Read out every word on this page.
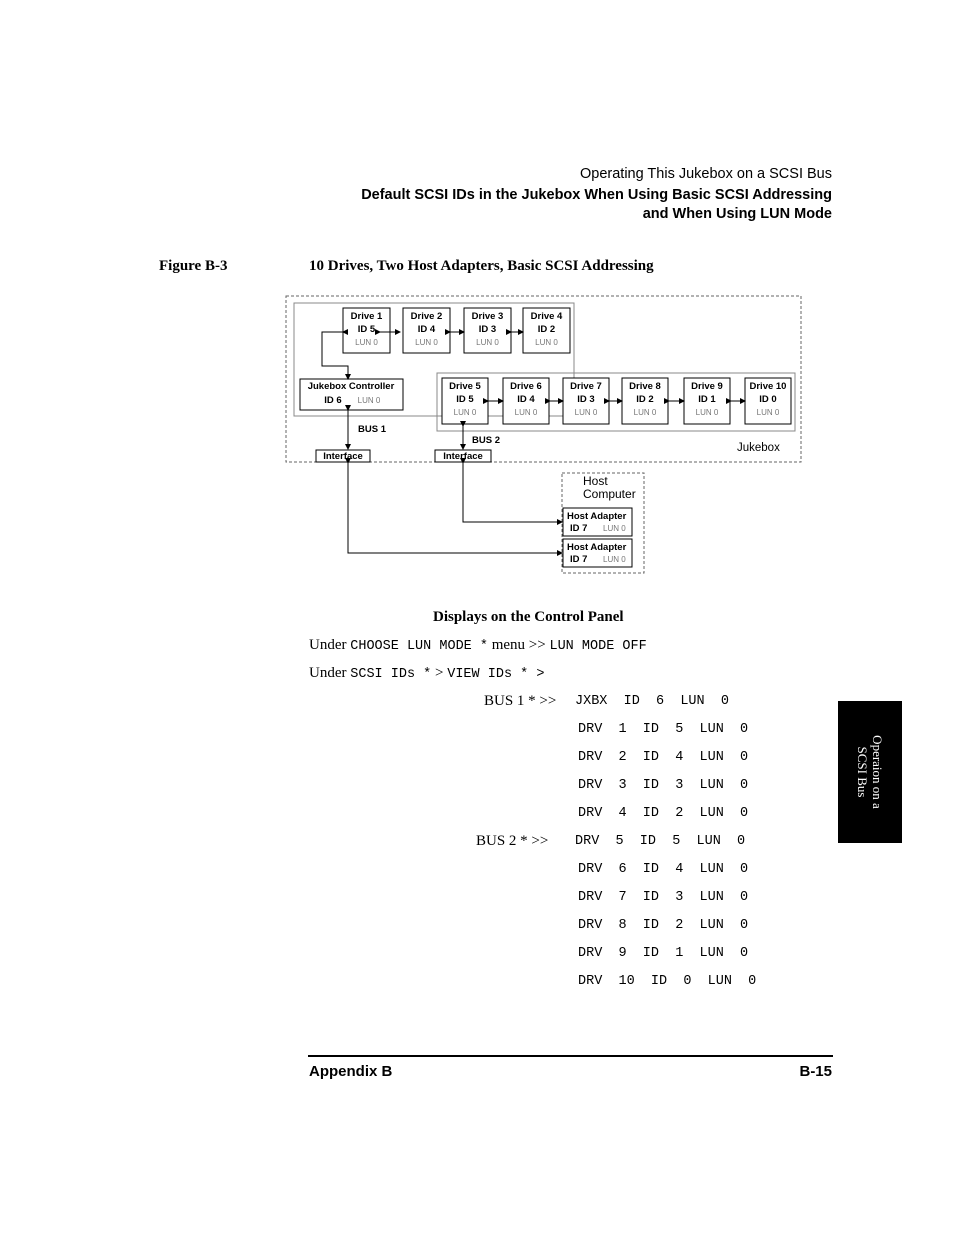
Operating This Jukebox on a SCSI Bus
Default SCSI IDs in the Jukebox When Using Basic SCSI Addressing
and When Using LUN Mode
Figure B-3	10 Drives, Two Host Adapters, Basic SCSI Addressing
Drive 1
ID 5
LUN 0
Drive 2
ID 4
LUN 0
Drive 3
ID 3
LUN 0
Drive 4
ID 2
LUN 0
Drive 5
ID 5
LUN 0
Drive 6
ID 4
LUN 0
Drive 7
ID 3
LUN 0
Drive 8
ID 2
LUN 0
Drive 9
ID 1
LUN 0
Drive 10
ID 0
LUN 0
Jukebox Controller
ID 6 LUN 0
BUS 1
BUS 2
Interface	Interface
Jukebox
Host
Computer
Host Adapter
ID 7 LUN 0
Host Adapter
ID 7 LUN 0
Displays on the Control Panel
Under CHOOSE LUN MODE * menu >> LUN MODE OFF
Under SCSI IDs * > VIEW IDs * >
BUS 1 * >> JXBX  ID  6  LUN  0
DRV  1  ID  5  LUN  0
DRV  2  ID  4  LUN  0
DRV  3  ID  3  LUN  0
DRV  4  ID  2  LUN  0
BUS 2 * >> DRV  5  ID  5  LUN  0
DRV  6  ID  4  LUN  0
DRV  7  ID  3  LUN  0
DRV  8  ID  2  LUN  0
DRV  9  ID  1  LUN  0
DRV  10  ID  0  LUN  0
Operaion on a
SCSI Bus
Appendix B	B-15
